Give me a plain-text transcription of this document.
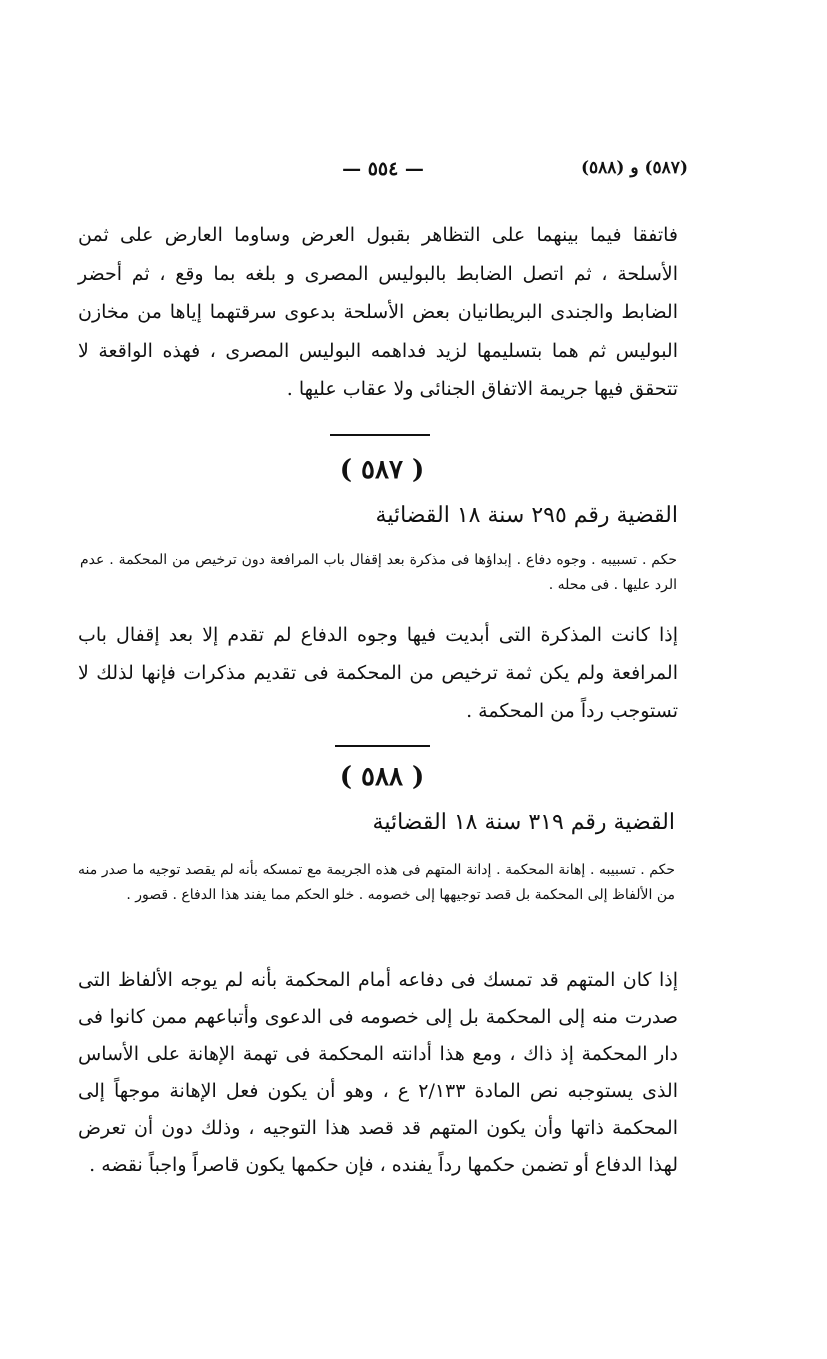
(٥٨٧) و (٥٨٨)
— ٥٥٤ —
فاتفقا فيما بينهما على التظاهر بقبول العرض وساوما العارض على ثمن الأسلحة ، ثم اتصل الضابط بالبوليس المصرى و بلغه بما وقع ، ثم أحضر الضابط والجندى البريطانيان بعض الأسلحة بدعوى سرقتهما إياها من مخازن البوليس ثم هما بتسليمها لزيد فداهمه البوليس المصرى ، فهذه الواقعة لا تتحقق فيها جريمة الاتفاق الجنائى ولا عقاب عليها .
( ٥٨٧ )
القضية رقم ٢٩٥ سنة ١٨ القضائية
حكم . تسبيبه . وجوه دفاع . إبداؤها فى مذكرة بعد إقفال باب المرافعة دون ترخيص من المحكمة . عدم الرد عليها . فى محله .
إذا كانت المذكرة التى أبديت فيها وجوه الدفاع لم تقدم إلا بعد إقفال باب المرافعة ولم يكن ثمة ترخيص من المحكمة فى تقديم مذكرات فإنها لذلك لا تستوجب رداً من المحكمة .
( ٥٨٨ )
القضية رقم ٣١٩ سنة ١٨ القضائية
حكم . تسبيبه . إهانة المحكمة . إدانة المتهم فى هذه الجريمة مع تمسكه بأنه لم يقصد توجيه ما صدر منه من الألفاظ إلى المحكمة بل قصد توجيهها إلى خصومه . خلو الحكم مما يفند هذا الدفاع . قصور .
إذا كان المتهم قد تمسك فى دفاعه أمام المحكمة بأنه لم يوجه الألفاظ التى صدرت منه إلى المحكمة بل إلى خصومه فى الدعوى وأتباعهم ممن كانوا فى دار المحكمة إذ ذاك ، ومع هذا أدانته المحكمة فى تهمة الإهانة على الأساس الذى يستوجبه نص المادة ٢/١٣٣ ع ، وهو أن يكون فعل الإهانة موجهاً إلى المحكمة ذاتها وأن يكون المتهم قد قصد هذا التوجيه ، وذلك دون أن تعرض لهذا الدفاع أو تضمن حكمها رداً يفنده ، فإن حكمها يكون قاصراً واجباً نقضه .
